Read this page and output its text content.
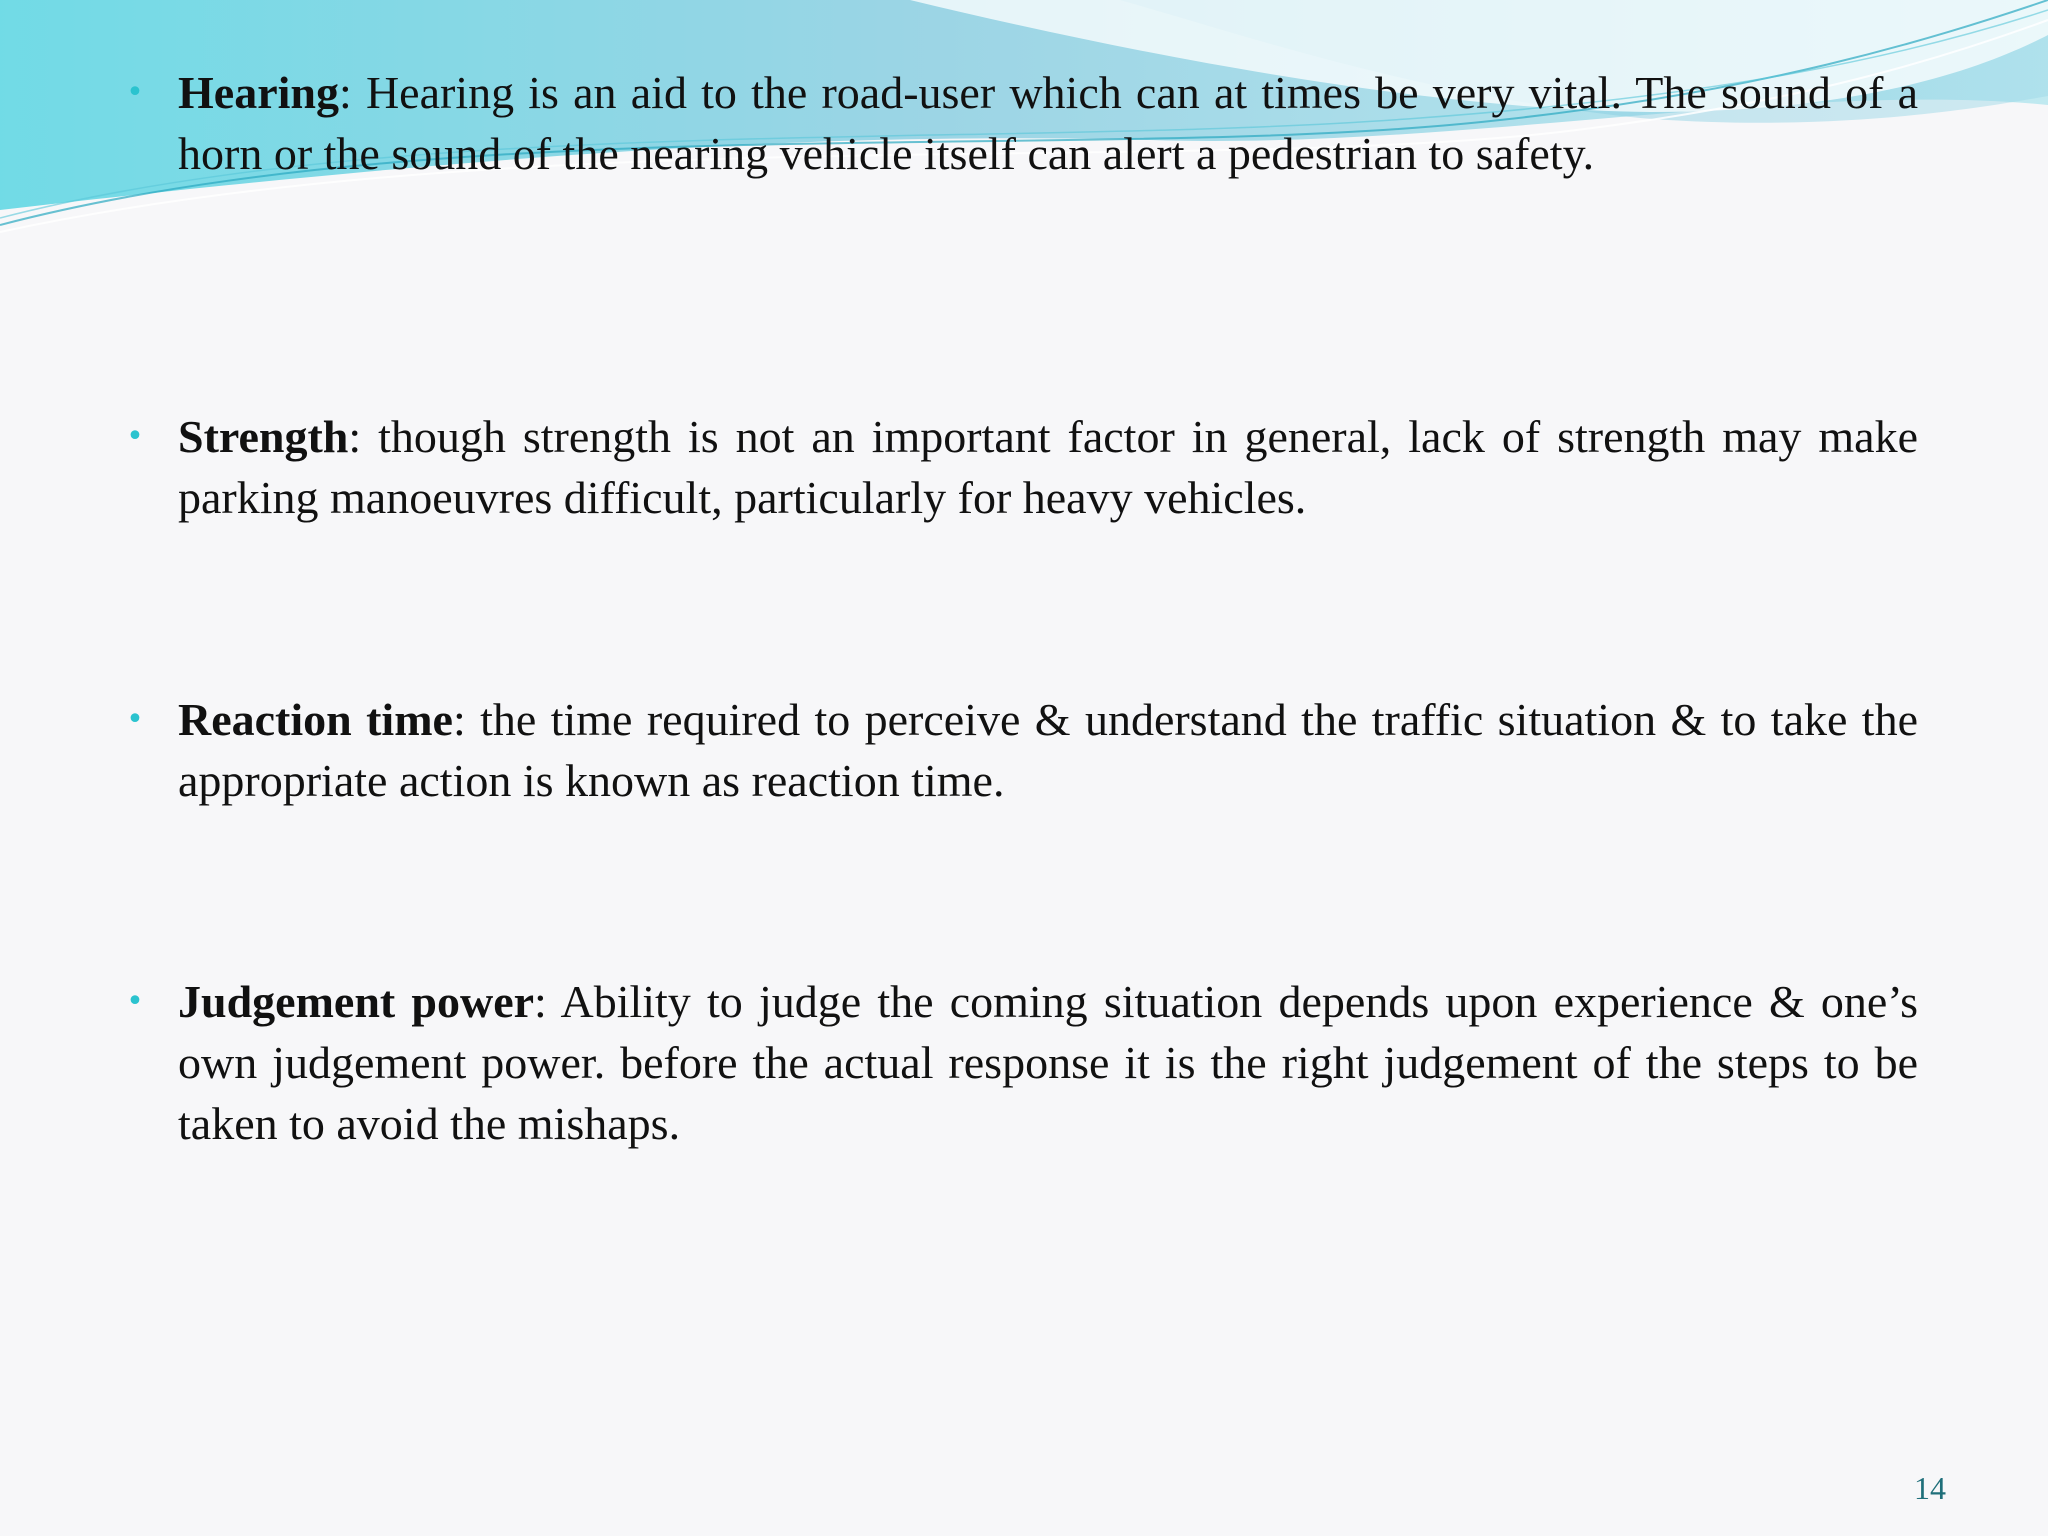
• Hearing: Hearing is an aid to the road-user which can at times be very vital. The sound of a horn or the sound of the nearing vehicle itself can alert a pedestrian to safety.
• Strength: though strength is not an important factor in general, lack of strength may make parking manoeuvres difficult, particularly for heavy vehicles.
• Reaction time: the time required to perceive & understand the traffic situation & to take the appropriate action is known as reaction time.
• Judgement power: Ability to judge the coming situation depends upon experience & one’s own judgement power. before the actual response it is the right judgement of the steps to be taken to avoid the mishaps.
14
